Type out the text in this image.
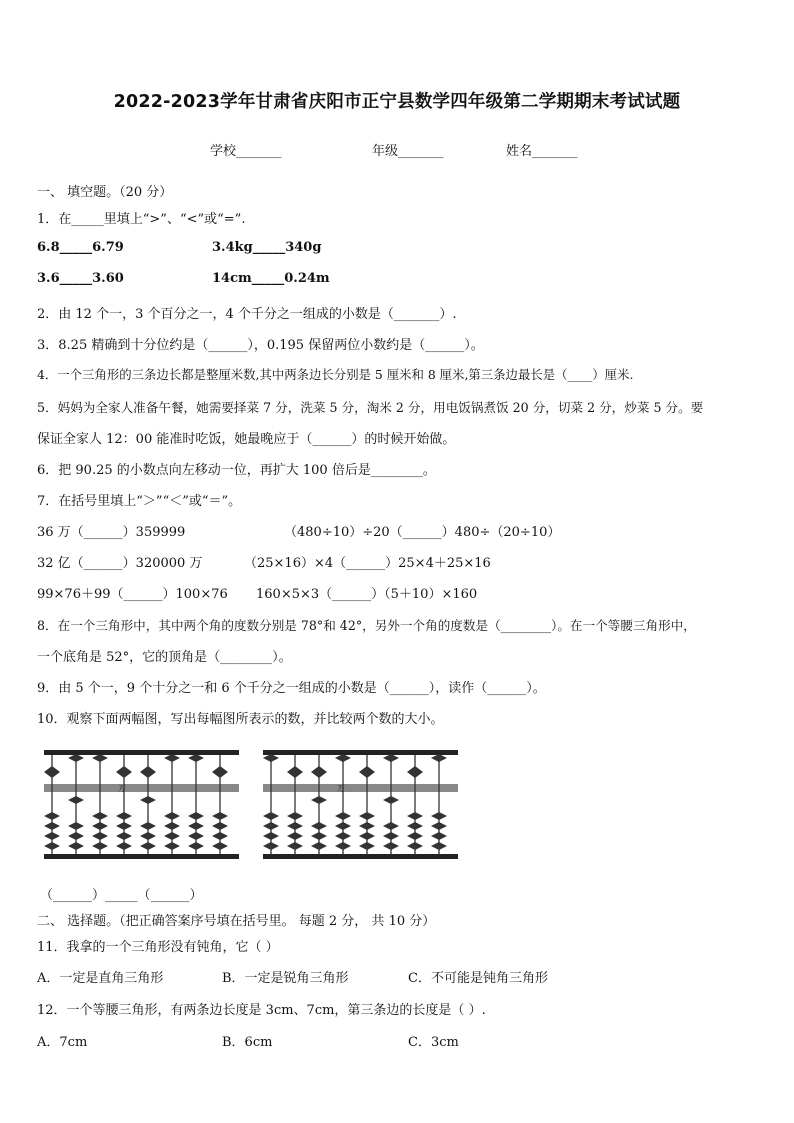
2022-2023学年甘肃省庆阳市正宁县数学四年级第二学期期末考试试题
学校_______	年级_______	姓名_______
一、 填空题。（20 分）
1．在_____里填上“>”、“<”或“=”.
6.8_____6.79	3.4kg_____340g
3.6_____3.60	14cm_____0.24m
2．由 12 个一，3 个百分之一，4 个千分之一组成的小数是（_______）.
3．8.25 精确到十分位约是（______），0.195 保留两位小数约是（______）。
4．一个三角形的三条边长都是整厘米数,其中两条边长分别是 5 厘米和 8 厘米,第三条边最长是（____）厘米.
5．妈妈为全家人准备午餐，她需要择菜 7 分，洗菜 5 分，淘米 2 分，用电饭锅煮饭 20 分，切菜 2 分，炒菜 5 分。要
保证全家人 12：00 能准时吃饭，她最晚应于（______）的时候开始做。
6．把 90.25 的小数点向左移动一位，再扩大 100 倍后是________。
7．在括号里填上“＞”“＜”或“＝”。
36 万（______）359999	（480÷10）÷20（______）480÷（20÷10）
32 亿（______）320000 万	（25×16）×4（______）25×4＋25×16
99×76＋99（______）100×76 160×5×3（______）（5＋10）×160
8．在一个三角形中，其中两个角的度数分别是 78°和 42°，另外一个角的度数是（________）。在一个等腰三角形中，
一个底角是 52°，它的顶角是（________）。
9．由 5 个一，9 个十分之一和 6 个千分之一组成的小数是（______），读作（______）。
10．观察下面两幅图，写出每幅图所表示的数，并比较两个数的大小。
万	万
（______）_____（______）
二、 选择题。（把正确答案序号填在括号里。 每题 2 分， 共 10 分）
11．我拿的一个三角形没有钝角，它（ ）
A．一定是直角三角形	B．一定是锐角三角形	C．不可能是钝角三角形
12．一个等腰三角形，有两条边长度是 3cm、7cm，第三条边的长度是（ ）.
A．7cm	B．6cm	C．3cm
